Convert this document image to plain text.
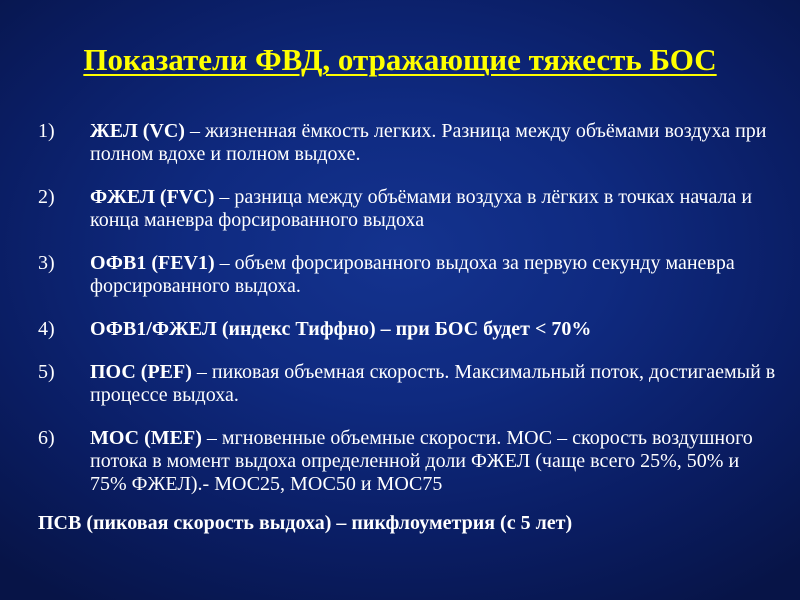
Показатели ФВД, отражающие тяжесть БОС
1) ЖЕЛ (VC) – жизненная ёмкость легких. Разница между объёмами воздуха при полном вдохе и полном выдохе.
2) ФЖЕЛ (FVC) – разница между объёмами воздуха в лёгких в точках начала и конца маневра форсированного выдоха
3) ОФВ1 (FEV1) – объем форсированного выдоха за первую секунду маневра форсированного выдоха.
4) ОФВ1/ФЖЕЛ (индекс Тиффно) – при БОС будет < 70%
5) ПОС (PEF) – пиковая объемная скорость. Максимальный поток, достигаемый в процессе выдоха.
6) МОС (MEF) – мгновенные объемные скорости. МОС – скорость воздушного потока в момент выдоха определенной доли ФЖЕЛ (чаще всего 25%, 50% и 75% ФЖЕЛ).- МОС25, МОС50 и МОС75
ПСВ (пиковая скорость выдоха) – пикфлоуметрия (с 5 лет)
